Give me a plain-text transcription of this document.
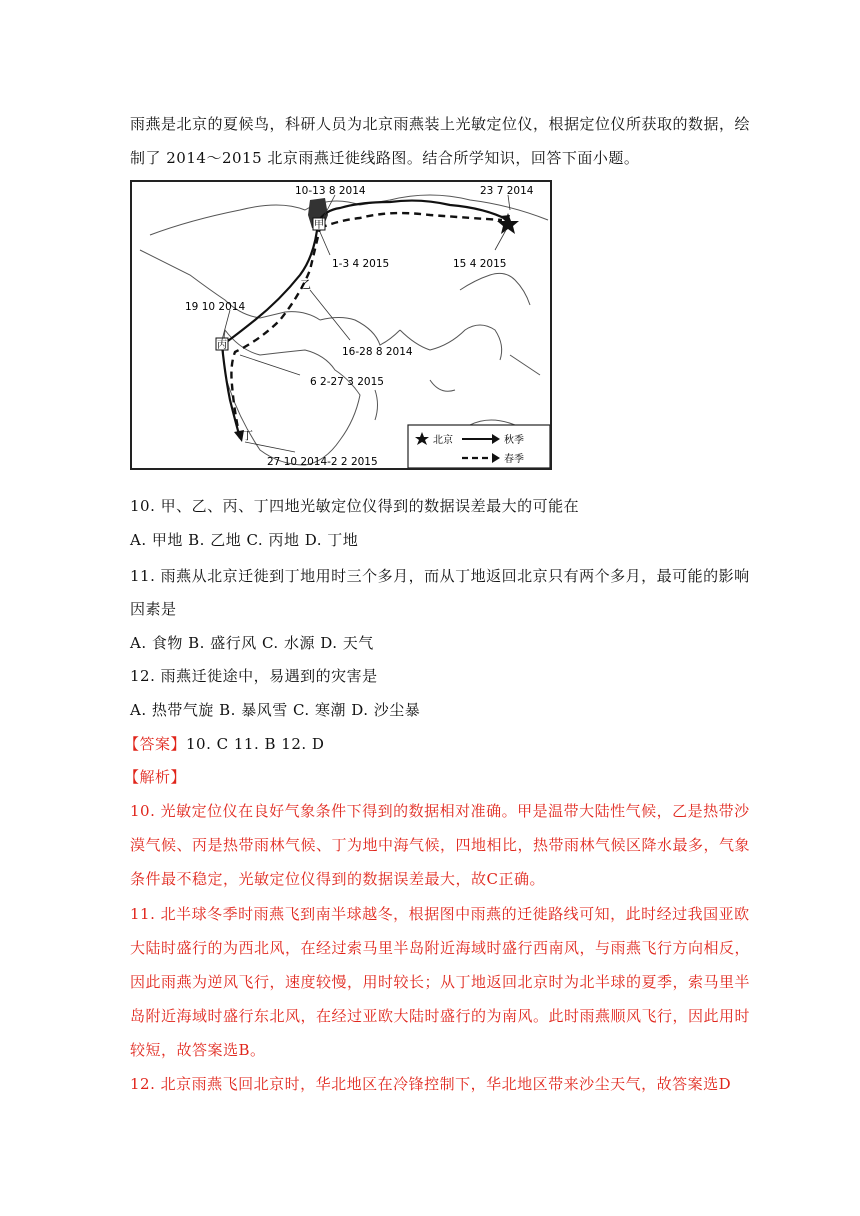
雨燕是北京的夏候鸟，科研人员为北京雨燕装上光敏定位仪，根据定位仪所获取的数据，绘
制了 2014～2015 北京雨燕迁徙线路图。结合所学知识，回答下面小题。
甲
乙
丙
丁
10-13 8 2014	23 7 2014
1-3 4 2015	15 4 2015
19 10 2014
16-28 8 2014
6 2-27 3 2015
27 10 2014-2 2 2015
北京	秋季
春季
10. 甲、乙、丙、丁四地光敏定位仪得到的数据误差最大的可能在
A. 甲地 B. 乙地 C. 丙地 D. 丁地
11. 雨燕从北京迁徙到丁地用时三个多月，而从丁地返回北京只有两个多月，最可能的影响
因素是
A. 食物 B. 盛行风 C. 水源 D. 天气
12. 雨燕迁徙途中，易遇到的灾害是
A. 热带气旋 B. 暴风雪 C. 寒潮 D. 沙尘暴
【答案】10. C 11. B 12. D
【解析】
10. 光敏定位仪在良好气象条件下得到的数据相对准确。甲是温带大陆性气候，乙是热带沙
漠气候、丙是热带雨林气候、丁为地中海气候，四地相比，热带雨林气候区降水最多，气象
条件最不稳定，光敏定位仪得到的数据误差最大，故C正确。
11. 北半球冬季时雨燕飞到南半球越冬，根据图中雨燕的迁徙路线可知，此时经过我国亚欧
大陆时盛行的为西北风，在经过索马里半岛附近海域时盛行西南风，与雨燕飞行方向相反，
因此雨燕为逆风飞行，速度较慢，用时较长；从丁地返回北京时为北半球的夏季，索马里半
岛附近海域时盛行东北风，在经过亚欧大陆时盛行的为南风。此时雨燕顺风飞行，因此用时
较短，故答案选B。
12. 北京雨燕飞回北京时，华北地区在冷锋控制下，华北地区带来沙尘天气，故答案选D
